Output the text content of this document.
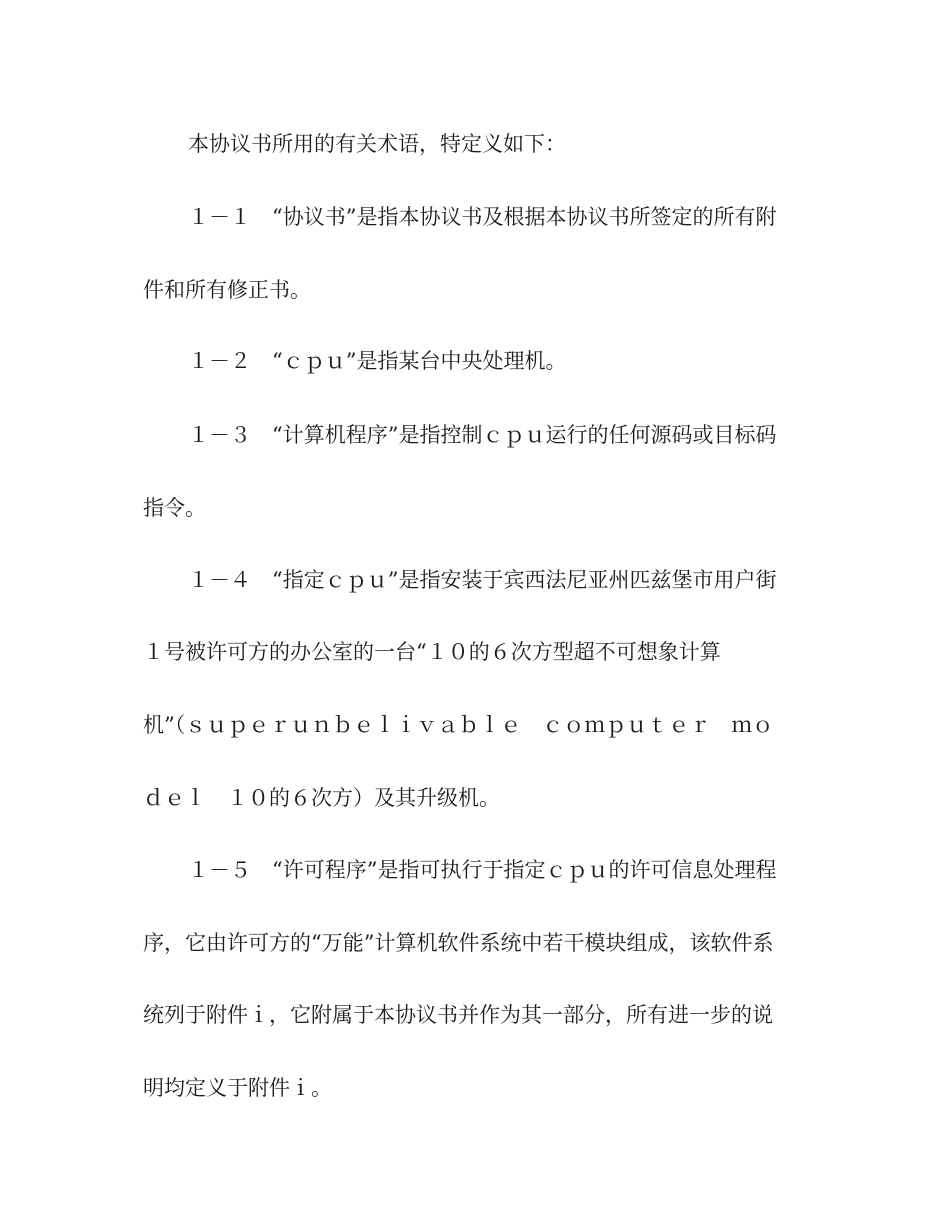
本协议书所用的有关术语，特定义如下：
１－１　“协议书”是指本协议书及根据本协议书所签定的所有附
件和所有修正书。
１－２　“ｃｐｕ”是指某台中央处理机。
１－３　“计算机程序”是指控制ｃｐｕ运行的任何源码或目标码
指令。
１－４　“指定ｃｐｕ”是指安装于宾西法尼亚州匹兹堡市用户街
１号被许可方的办公室的一台“１０的６次方型超不可想象计算
机”（ｓｕｐｅｒｕｎｂｅｌｉｖａｂｌｅ　ｃｏｍｐｕｔｅｒ　ｍｏ
ｄｅｌ　１０的６次方）及其升级机。
１－５　“许可程序”是指可执行于指定ｃｐｕ的许可信息处理程
序，它由许可方的“万能”计算机软件系统中若干模块组成，该软件系
统列于附件ｉ，它附属于本协议书并作为其一部分，所有进一步的说
明均定义于附件ｉ。
